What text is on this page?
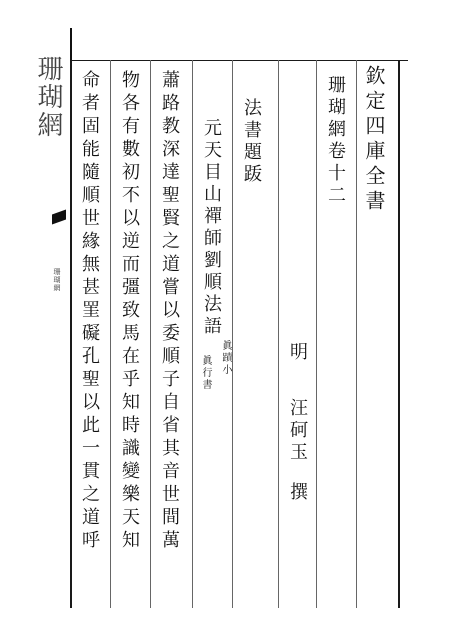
珊瑚網
珊瑚網
欽定四庫全書
珊瑚網卷十二
明
汪砢玉
撰
法書題䟦
元天目山禪師劉順法語
眞蹟小
眞行書
蕭路教深達聖賢之道嘗以委順子自省其音世間萬
物各有數初不以逆而彊致馬在乎知時識變樂天知
命者固能隨順世緣無甚罣礙孔聖以此一貫之道呼
